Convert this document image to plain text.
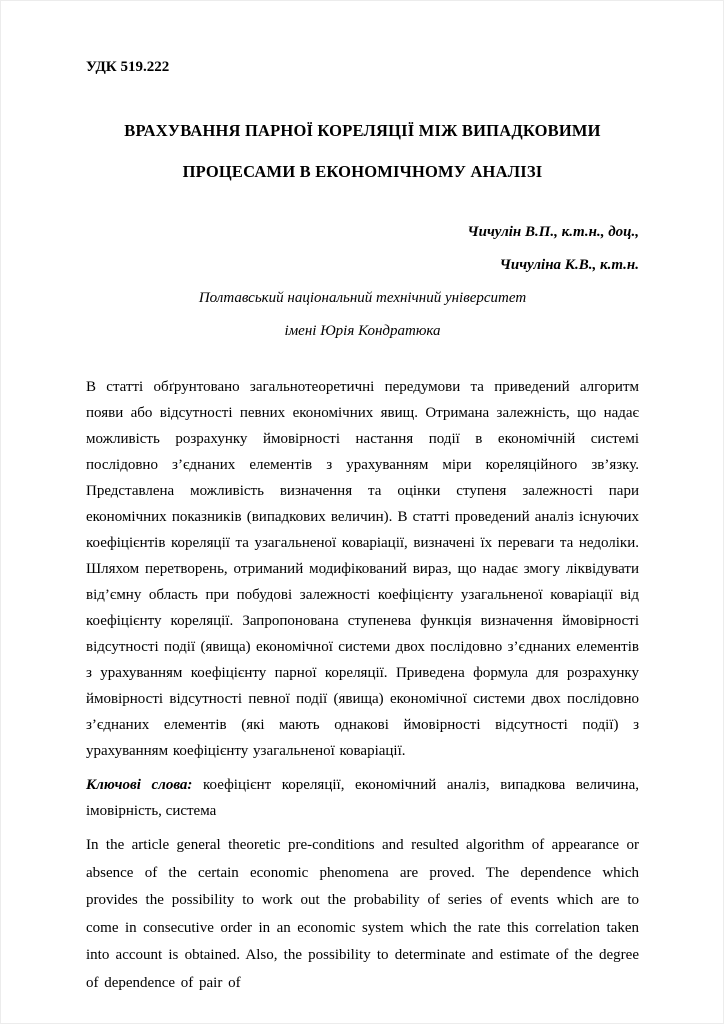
УДК 519.222

ВРАХУВАННЯ ПАРНОЇ КОРЕЛЯЦІЇ МІЖ ВИПАДКОВИМИ
ПРОЦЕСАМИ В ЕКОНОМІЧНОМУ АНАЛІЗІ

Чичулін В.П., к.т.н., доц.,
Чичуліна К.В., к.т.н.

Полтавський національний технічний університет
імені Юрія Кондратюка

В статті обґрунтовано загальнотеоретичні передумови та приведений алгоритм появи або відсутності певних економічних явищ. Отримана залежність, що надає можливість розрахунку ймовірності настання події в економічній системі послідовно з’єднаних елементів з урахуванням міри кореляційного зв’язку. Представлена можливість визначення та оцінки ступеня залежності пари економічних показників (випадкових величин). В статті проведений аналіз існуючих коефіцієнтів кореляції та узагальненої коваріації, визначені їх переваги та недоліки. Шляхом перетворень, отриманий модифікований вираз, що надає змогу ліквідувати від’ємну область при побудові залежності коефіцієнту узагальненої коваріації від коефіцієнту кореляції. Запропонована ступенева функція визначення ймовірності відсутності події (явища) економічної системи двох послідовно з’єднаних елементів з урахуванням коефіцієнту парної кореляції. Приведена формула для розрахунку ймовірності відсутності певної події (явища) економічної системи двох послідовно з’єднаних елементів (які мають однакові ймовірності відсутності події) з урахуванням коефіцієнту узагальненої коваріації.

Ключові слова: коефіцієнт кореляції, економічний аналіз, випадкова величина, імовірність, система

In the article general theoretic pre-conditions and resulted algorithm of appearance or absence of the certain economic phenomena are proved. The dependence which provides the possibility to work out the probability of series of events which are to come in consecutive order in an economic system which the rate this correlation taken into account is obtained. Also, the possibility to determinate and estimate of the degree of dependence of pair of
